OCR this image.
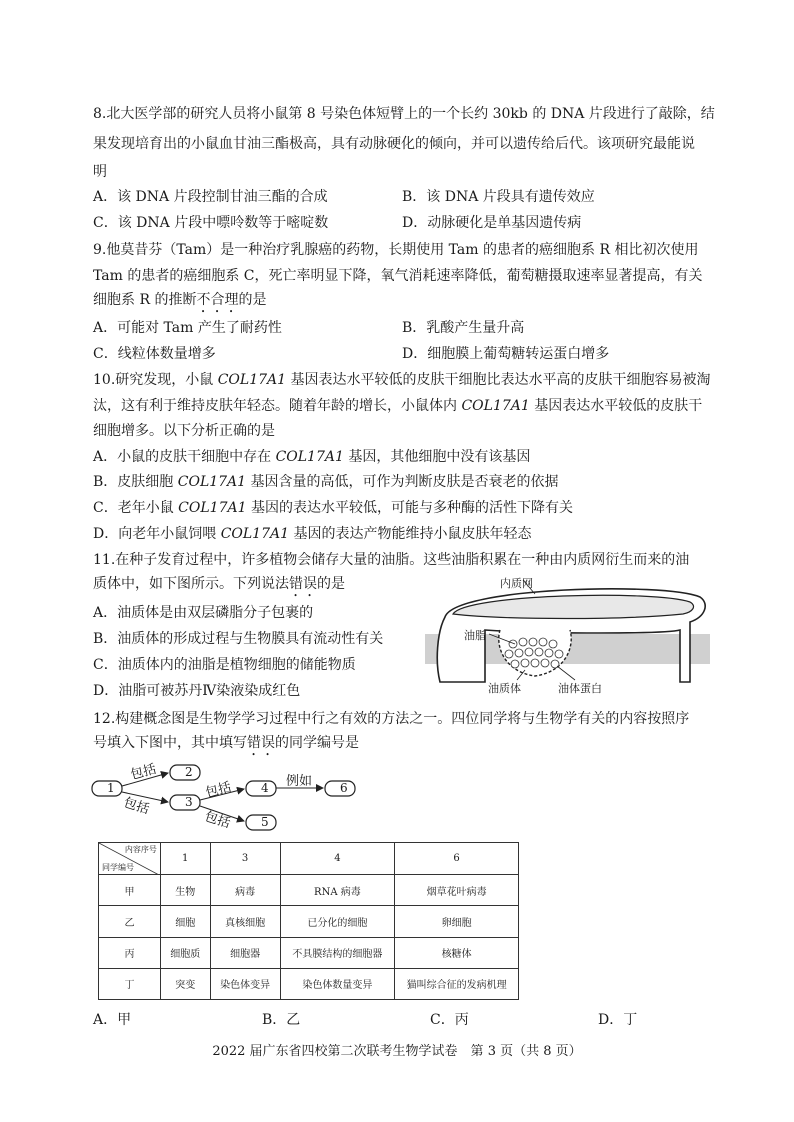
8.北大医学部的研究人员将小鼠第 8 号染色体短臂上的一个长约 30kb 的 DNA 片段进行了敲除，结
果发现培育出的小鼠血甘油三酯极高，具有动脉硬化的倾向，并可以遗传给后代。该项研究最能说
明
A．该 DNA 片段控制甘油三酯的合成	B．该 DNA 片段具有遗传效应
C．该 DNA 片段中嘌呤数等于嘧啶数	D．动脉硬化是单基因遗传病
9.他莫昔芬（Tam）是一种治疗乳腺癌的药物，长期使用 Tam 的患者的癌细胞系 R 相比初次使用
Tam 的患者的癌细胞系 C，死亡率明显下降，氧气消耗速率降低，葡萄糖摄取速率显著提高，有关
细胞系 R 的推断不合理的是
A．可能对 Tam 产生了耐药性	B．乳酸产生量升高
C．线粒体数量增多	D．细胞膜上葡萄糖转运蛋白增多
10.研究发现，小鼠 COL17A1 基因表达水平较低的皮肤干细胞比表达水平高的皮肤干细胞容易被淘
汰，这有利于维持皮肤年轻态。随着年龄的增长，小鼠体内 COL17A1 基因表达水平较低的皮肤干
细胞增多。以下分析正确的是
A．小鼠的皮肤干细胞中存在 COL17A1 基因，其他细胞中没有该基因
B．皮肤细胞 COL17A1 基因含量的高低，可作为判断皮肤是否衰老的依据
C．老年小鼠 COL17A1 基因的表达水平较低，可能与多种酶的活性下降有关
D．向老年小鼠饲喂 COL17A1 基因的表达产物能维持小鼠皮肤年轻态
11.在种子发育过程中，许多植物会储存大量的油脂。这些油脂积累在一种由内质网衍生而来的油
质体中，如下图所示。下列说法错误的是
A．油质体是由双层磷脂分子包裹的
B．油质体的形成过程与生物膜具有流动性有关
C．油质体内的油脂是植物细胞的储能物质
D．油脂可被苏丹Ⅳ染液染成红色
内质网
油脂
油质体	油体蛋白
12.构建概念图是生物学学习过程中行之有效的方法之一。四位同学将与生物学有关的内容按照序
号填入下图中，其中填写错误的同学编号是
1
2
3
4
5
6
包括
包括
包括
包括
例如
内容序号
同学编号	1	3	4	6
甲	生物	病毒	RNA 病毒	烟草花叶病毒
乙	细胞	真核细胞	已分化的细胞	卵细胞
丙	细胞质	细胞器	不具膜结构的细胞器	核糖体
丁	突变	染色体变异	染色体数量变异	猫叫综合征的发病机理
A．甲	B．乙	C．丙	D．丁
2022 届广东省四校第二次联考生物学试卷　第 3 页（共 8 页）
